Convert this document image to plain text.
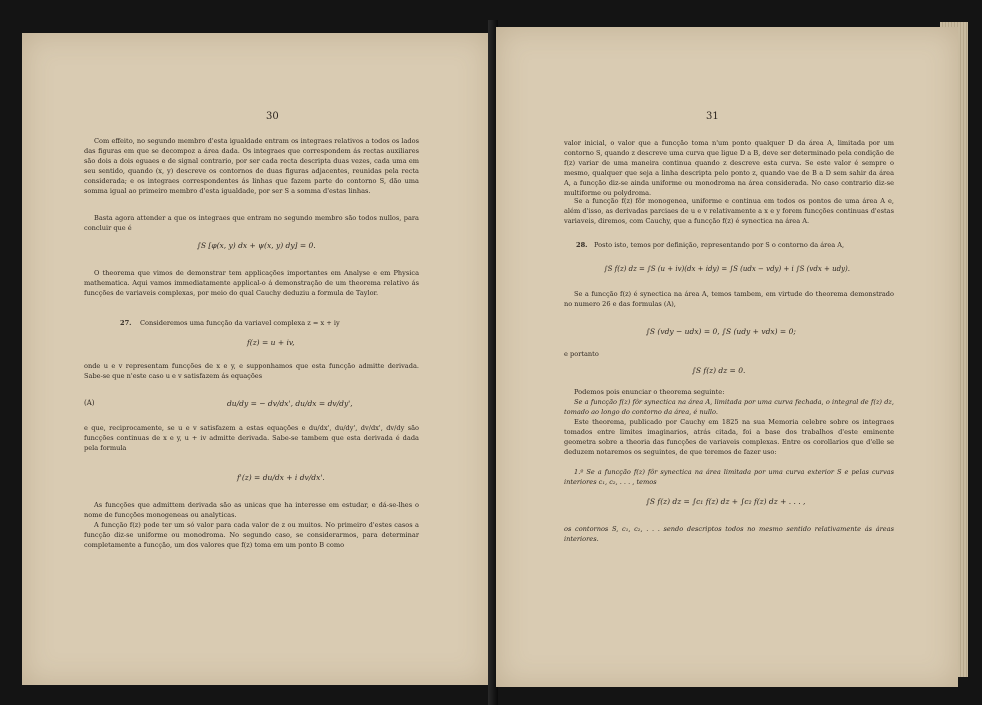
30

Com effeito, no segundo membro d'esta igualdade entram os integraes relativos a todos os lados das figuras em que se decompoz a área dada. Os integraes que correspondem ás rectas auxiliares são dois a dois eguaes e de signal contrario, por ser cada recta descripta duas vezes, cada uma em seu sentido, quando (x, y) descreve os contornos de duas figuras adjacentes, reunidas pela recta considerada; e os integraes correspondentes ás linhas que fazem parte do contorno S, dão uma somma igual ao primeiro membro d'esta igualdade, por ser S a somma d'estas linhas.

Basta agora attender a que os integraes que entram no segundo membro são todos nullos, para concluir que é

∫S [φ(x, y) dx + ψ(x, y) dy] = 0.

O theorema que vimos de demonstrar tem applicações importantes em Analyse e em Physica mathematica. Aqui vamos immediatamente applical-o á demonstração de um theorema relativo ás funcções de variaveis complexas, por meio do qual Cauchy deduziu a formula de Taylor.

27. Consideremos uma funcção da variavel complexa z = x + iy

f(z) = u + iv,

onde u e v representam funcções de x e y, e supponhamos que esta funcção admitte derivada. Sabe-se que n'este caso u e v satisfazem ás equações

(A)	du/dy = − dv/dx', du/dx = dv/dy',

e que, reciprocamente, se u e v satisfazem a estas equações e du/dx', du/dy', dv/dx', dv/dy são funcções continuas de x e y, u + iv admitte derivada. Sabe-se tambem que esta derivada é dada pela formula

f'(z) = du/dx + i dv/dx'.

As funcções que admittem derivada são as unicas que ha interesse em estudar, e dá-se-lhes o nome de funcções monogeneas ou analyticas.

A funcção f(z) pode ter um só valor para cada valor de z ou muitos. No primeiro d'estes casos a funcção diz-se uniforme ou monodroma. No segundo caso, se considerarmos, para determinar completamente a funcção, um dos valores que f(z) toma em um ponto B como

31

valor inicial, o valor que a funcção toma n'um ponto qualquer D da área A, limitada por um contorno S, quando z descreve uma curva que ligue D a B, deve ser determinado pela condição de f(z) variar de uma maneira continua quando z descreve esta curva. Se este valor é sempre o mesmo, qualquer que seja a linha descripta pelo ponto z, quando vae de B a D sem sahir da área A, a funcção diz-se ainda uniforme ou monodroma na área considerada. No caso contrario diz-se multiforme ou polydroma.

Se a funcção f(z) fôr monogenea, uniforme e continua em todos os pontos de uma área A e, além d'isso, as derivadas parciaes de u e v relativamente a x e y forem funcções continuas d'estas variaveis, diremos, com Cauchy, que a funcção f(z) é synectica na área A.

28. Posto isto, temos por definição, representando por S o contorno da área A,

∫S f(z) dz = ∫S (u + iv)(dx + idy) = ∫S (udx − vdy) + i ∫S (vdx + udy).

Se a funcção f(z) é synectica na área A, temos tambem, em virtude do theorema demonstrado no numero 26 e das formulas (A),

∫S (vdy − udx) = 0, ∫S (udy + vdx) = 0;

e portanto

∫S f(z) dz = 0.

Podemos pois enunciar o theorema seguinte:

Se a funcção f(z) fôr synectica na área A, limitada por uma curva fechada, o integral de f(z) dz, tomado ao longo do contorno da área, é nullo.

Este theorema, publicado por Cauchy em 1825 na sua Memoria celebre sobre os integraes tomados entre limites imaginarios, atrás citada, foi a base dos trabalhos d'este eminente geometra sobre a theoria das funcções de variaveis complexas. Entre os corollarios que d'elle se deduzem notaremos os seguintes, de que teremos de fazer uso:

1.º Se a funcção f(z) fôr synectica na área limitada por uma curva exterior S e pelas curvas interiores c₁, c₂, . . . , temos

∫S f(z) dz = ∫c₁ f(z) dz + ∫c₂ f(z) dz + . . . ,

os contornos S, c₁, c₂, . . . sendo descriptos todos no mesmo sentido relativamente ás áreas interiores.
